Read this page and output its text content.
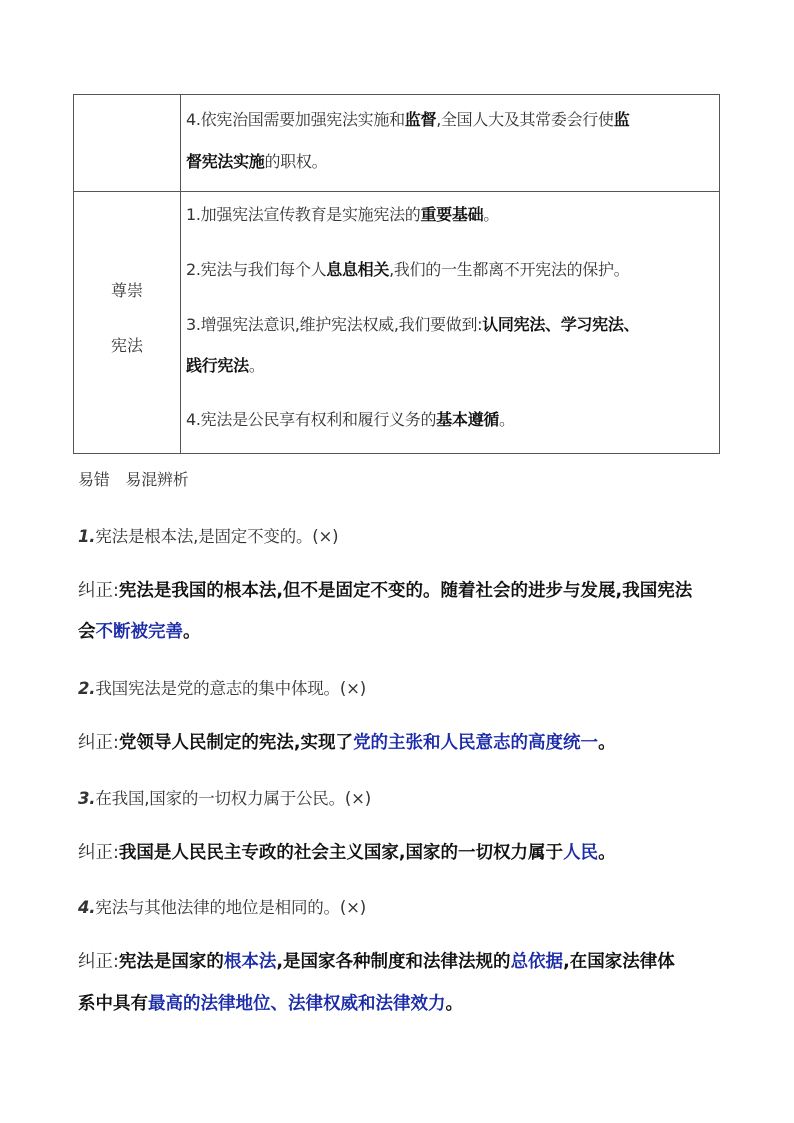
4.依宪治国需要加强宪法实施和监督,全国人大及其常委会行使监
督宪法实施的职权。
尊崇
宪法
1.加强宪法宣传教育是实施宪法的重要基础。
2.宪法与我们每个人息息相关,我们的一生都离不开宪法的保护。
3.增强宪法意识,维护宪法权威,我们要做到:认同宪法、学习宪法、
践行宪法。
4.宪法是公民享有权利和履行义务的基本遵循。
易错　易混辨析
1.宪法是根本法,是固定不变的。(×)
纠正:宪法是我国的根本法,但不是固定不变的。随着社会的进步与发展,我国宪法
会不断被完善。
2.我国宪法是党的意志的集中体现。(×)
纠正:党领导人民制定的宪法,实现了党的主张和人民意志的高度统一。
3.在我国,国家的一切权力属于公民。(×)
纠正:我国是人民民主专政的社会主义国家,国家的一切权力属于人民。
4.宪法与其他法律的地位是相同的。(×)
纠正:宪法是国家的根本法,是国家各种制度和法律法规的总依据,在国家法律体
系中具有最高的法律地位、法律权威和法律效力。
